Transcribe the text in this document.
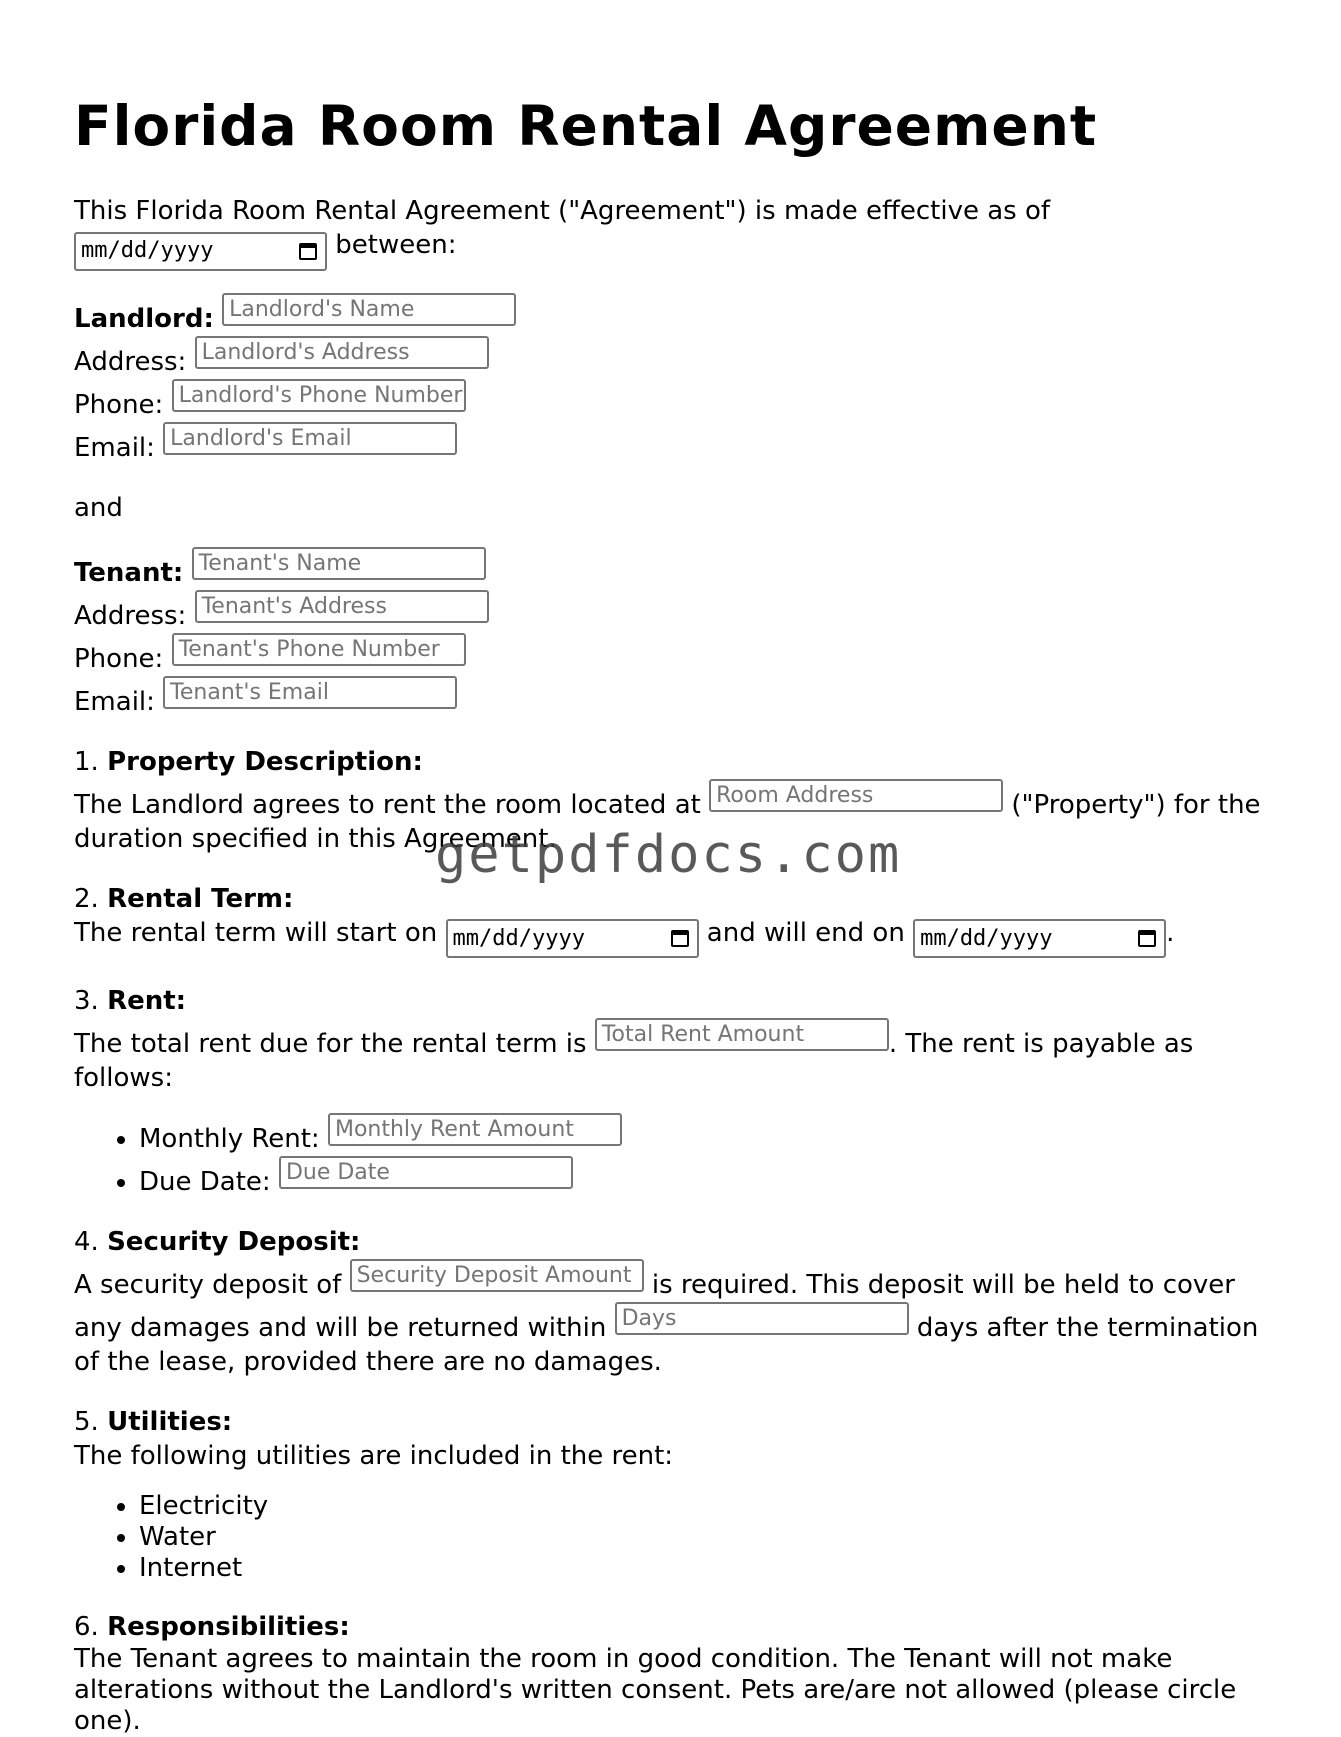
Florida Room Rental Agreement

This Florida Room Rental Agreement ("Agreement") is made effective as of

mm/dd/yyyy	between:

Landlord: Landlord's Name
Address: Landlord's Address
Phone: Landlord's Phone Number
Email: Landlord's Email

and

Tenant: Tenant's Name
Address: Tenant's Address
Phone: Tenant's Phone Number
Email: Tenant's Email
1. Property Description:

The Landlord agrees to rent the room located at Room Address	("Property") for the duration specified in this Agreement.

2. Rental Term:

The rental term will start on mm/dd/yyyy	and will end on mm/dd/yyyy	.

3. Rent:

The total rent due for the rental term is Total Rent Amount	. The rent is payable as follows:

• Monthly Rent: Monthly Rent Amount
• Due Date: Due Date
4. Security Deposit:

A security deposit of Security Deposit Amount is required. This deposit will be held to cover any damages and will be returned within Days	days after the termination of the lease, provided there are no damages.

5. Utilities:

The following utilities are included in the rent:

• Electricity
• Water
• Internet
6. Responsibilities:

The Tenant agrees to maintain the room in good condition. The Tenant will not make alterations without the Landlord's written consent. Pets are/are not allowed (please circle one).

getpdfdocs.com
